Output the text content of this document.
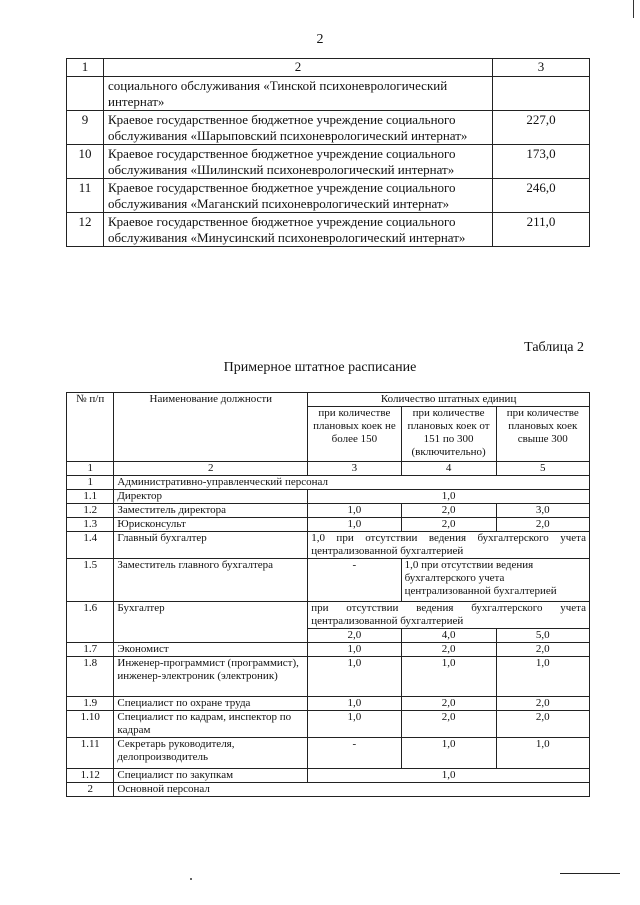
2
1	2	3
	социального обслуживания «Тинской психоневрологический интернат»	
9	Краевое государственное бюджетное учреждение социального обслуживания «Шарыповский психоневрологический интернат»	227,0
10	Краевое государственное бюджетное учреждение социального обслуживания «Шилинский психоневрологический интернат»	173,0
11	Краевое государственное бюджетное учреждение социального обслуживания «Маганский психоневрологический интернат»	246,0
12	Краевое государственное бюджетное учреждение социального обслуживания «Минусинский психоневрологический интернат»	211,0
Таблица 2
Примерное штатное расписание
№ п/п	Наименование должности	Количество штатных единиц		
		при количестве плановых коек не более 150	при количестве плановых коек от 151 по 300 (включительно)	при количестве плановых коек свыше 300
1	2	3	4	5
1	Административно-управленческий персонал			
1.1	Директор	1,0		
1.2	Заместитель директора	1,0	2,0	3,0
1.3	Юрисконсульт	1,0	2,0	2,0
1.4	Главный бухгалтер	1,0 при отсутствии ведения бухгалтерского учета централизованной бухгалтерией		
1.5	Заместитель главного бухгалтера	-	1,0 при отсутствии ведения бухгалтерского учета централизованной бухгалтерией	
1.6	Бухгалтер	при отсутствии ведения бухгалтерского учета централизованной бухгалтерией		
		2,0	4,0	5,0
1.7	Экономист	1,0	2,0	2,0
1.8	Инженер-программист (программист), инженер-электроник (электроник)	1,0	1,0	1,0
1.9	Специалист по охране труда	1,0	2,0	2,0
1.10	Специалист по кадрам, инспектор по кадрам	1,0	2,0	2,0
1.11	Секретарь руководителя, делопроизводитель	-	1,0	1,0
1.12	Специалист по закупкам	1,0		
2	Основной персонал			
